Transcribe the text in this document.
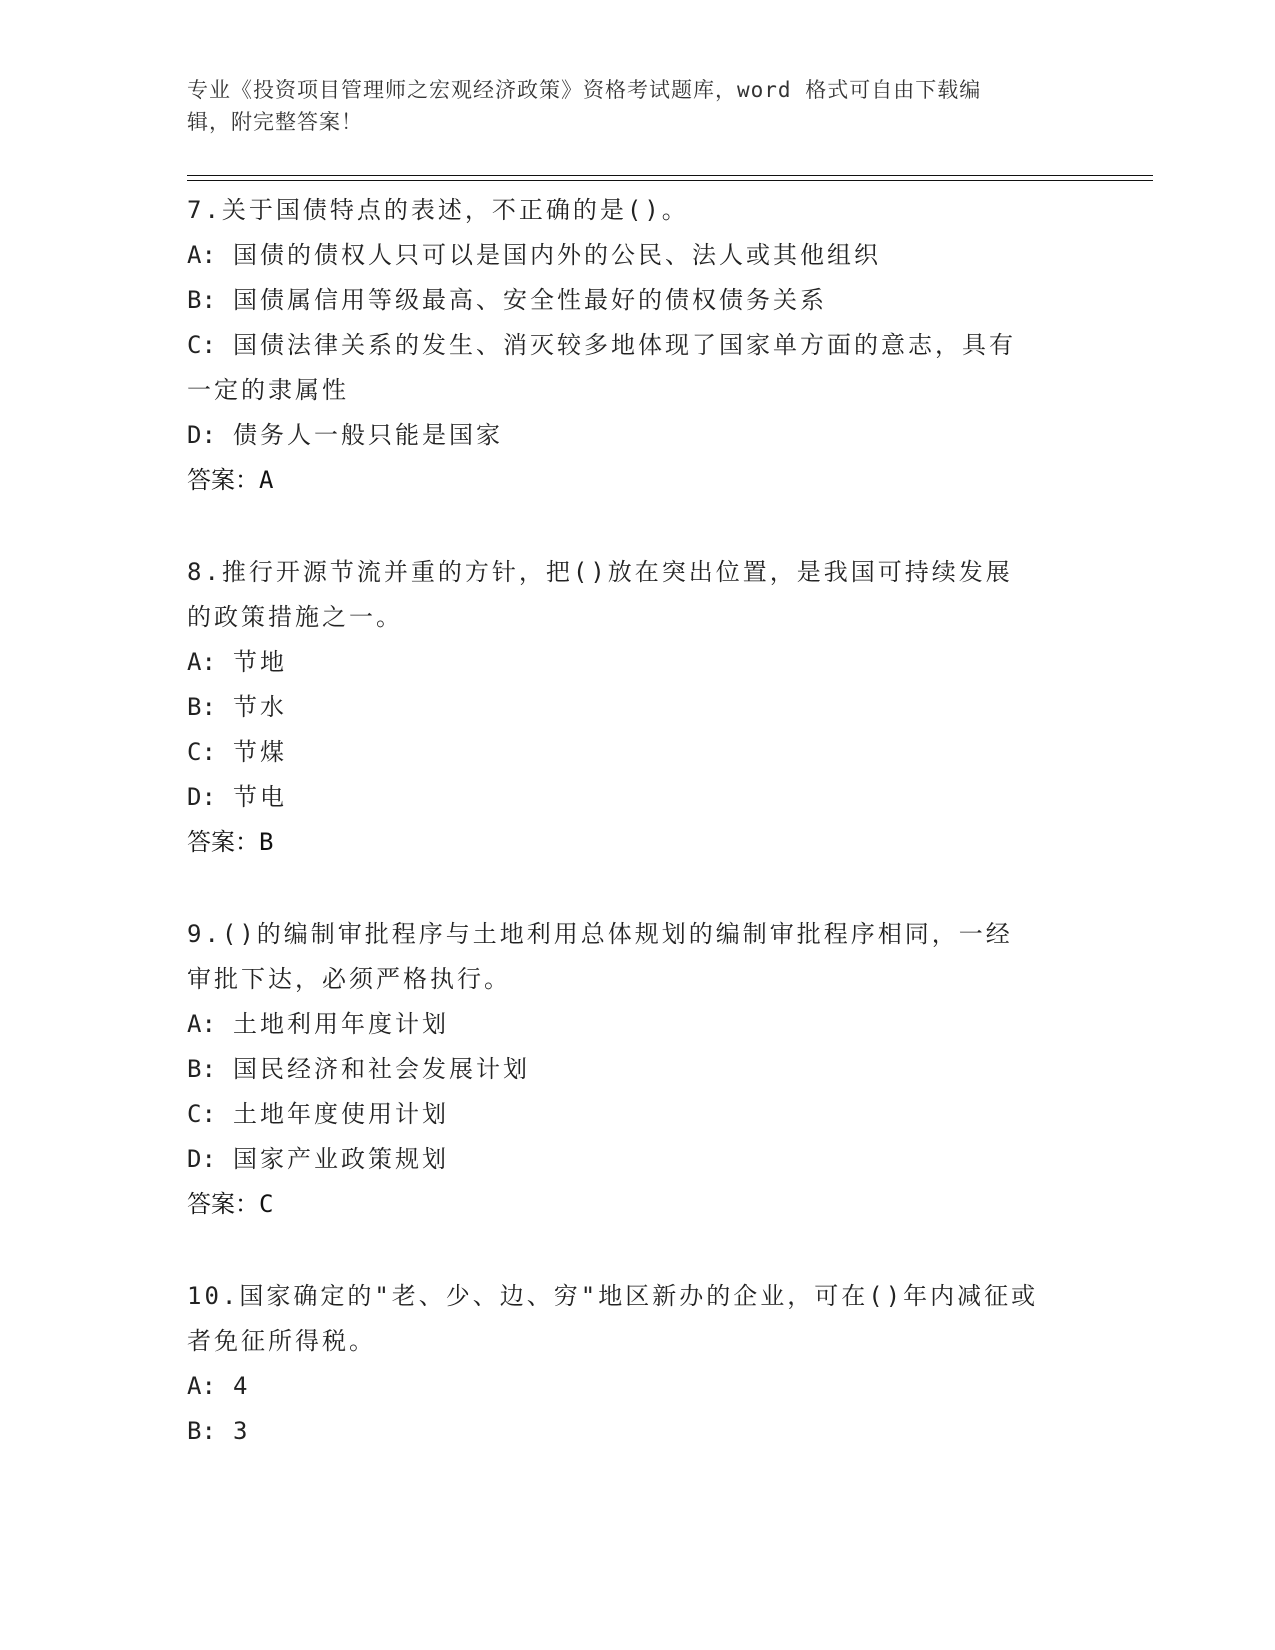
专业《投资项目管理师之宏观经济政策》资格考试题库，word 格式可自由下载编
辑，附完整答案！
7.关于国债特点的表述，不正确的是()。
A: 国债的债权人只可以是国内外的公民、法人或其他组织
B: 国债属信用等级最高、安全性最好的债权债务关系
C: 国债法律关系的发生、消灭较多地体现了国家单方面的意志，具有
一定的隶属性
D: 债务人一般只能是国家
答案：A
8.推行开源节流并重的方针，把()放在突出位置，是我国可持续发展
的政策措施之一。
A: 节地
B: 节水
C: 节煤
D: 节电
答案：B
9.()的编制审批程序与土地利用总体规划的编制审批程序相同，一经
审批下达，必须严格执行。
A: 土地利用年度计划
B: 国民经济和社会发展计划
C: 土地年度使用计划
D: 国家产业政策规划
答案：C
10.国家确定的"老、少、边、穷"地区新办的企业，可在()年内减征或
者免征所得税。
A: 4
B: 3
